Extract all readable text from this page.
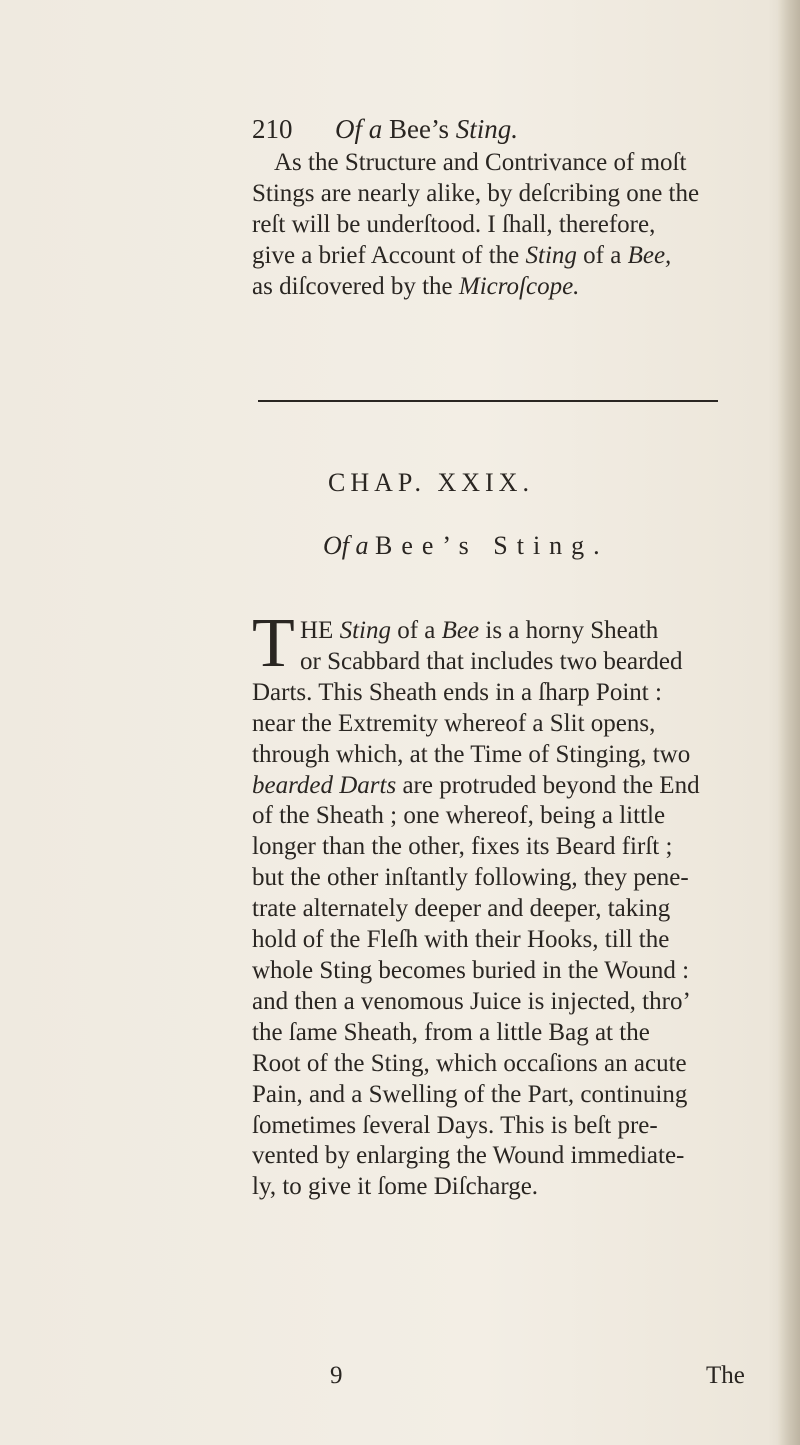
210 Of a Bee’s Sting.
As the Structure and Contrivance of moſt
Stings are nearly alike, by deſcribing one the
reſt will be underſtood. I ſhall, therefore,
give a brief Account of the Sting of a Bee,
as diſcovered by the Microſcope.
CHAP. XXIX.
Of a Bee’s Sting.
T HE Sting of a Bee is a horny Sheath
or Scabbard that includes two bearded
Darts. This Sheath ends in a ſharp Point :
near the Extremity whereof a Slit opens,
through which, at the Time of Stinging, two
bearded Darts are protruded beyond the End
of the Sheath ; one whereof, being a little
longer than the other, fixes its Beard firſt ;
but the other inſtantly following, they pene-
trate alternately deeper and deeper, taking
hold of the Fleſh with their Hooks, till the
whole Sting becomes buried in the Wound :
and then a venomous Juice is injected, thro’
the ſame Sheath, from a little Bag at the
Root of the Sting, which occaſions an acute
Pain, and a Swelling of the Part, continuing
ſometimes ſeveral Days. This is beſt pre-
vented by enlarging the Wound immediate-
ly, to give it ſome Diſcharge.
9	The
